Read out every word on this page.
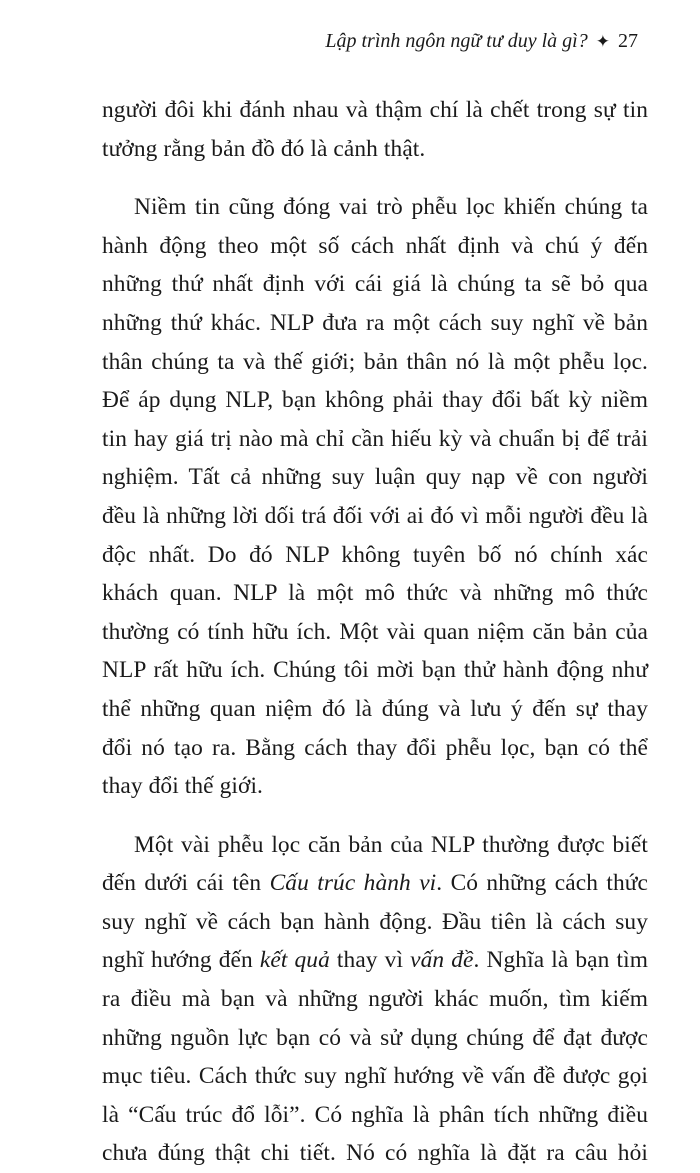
Lập trình ngôn ngữ tư duy là gì? ✦ 27
người đôi khi đánh nhau và thậm chí là chết trong sự tin
tưởng rằng bản đồ đó là cảnh thật.
Niềm tin cũng đóng vai trò phễu lọc khiến chúng ta
hành động theo một số cách nhất định và chú ý đến
những thứ nhất định với cái giá là chúng ta sẽ bỏ qua
những thứ khác. NLP đưa ra một cách suy nghĩ về bản
thân chúng ta và thế giới; bản thân nó là một phễu lọc.
Để áp dụng NLP, bạn không phải thay đổi bất kỳ niềm
tin hay giá trị nào mà chỉ cần hiếu kỳ và chuẩn bị để trải
nghiệm. Tất cả những suy luận quy nạp về con người
đều là những lời dối trá đối với ai đó vì mỗi người đều là
độc nhất. Do đó NLP không tuyên bố nó chính xác
khách quan. NLP là một mô thức và những mô thức
thường có tính hữu ích. Một vài quan niệm căn bản của
NLP rất hữu ích. Chúng tôi mời bạn thử hành động như
thể những quan niệm đó là đúng và lưu ý đến sự thay
đổi nó tạo ra. Bằng cách thay đổi phễu lọc, bạn có thể
thay đổi thế giới.
Một vài phễu lọc căn bản của NLP thường được biết
đến dưới cái tên Cấu trúc hành vi. Có những cách thức
suy nghĩ về cách bạn hành động. Đầu tiên là cách suy
nghĩ hướng đến kết quả thay vì vấn đề. Nghĩa là bạn tìm
ra điều mà bạn và những người khác muốn, tìm kiếm
những nguồn lực bạn có và sử dụng chúng để đạt được
mục tiêu. Cách thức suy nghĩ hướng về vấn đề được gọi
là “Cấu trúc đổ lỗi”. Có nghĩa là phân tích những điều
chưa đúng thật chi tiết. Nó có nghĩa là đặt ra câu hỏi
